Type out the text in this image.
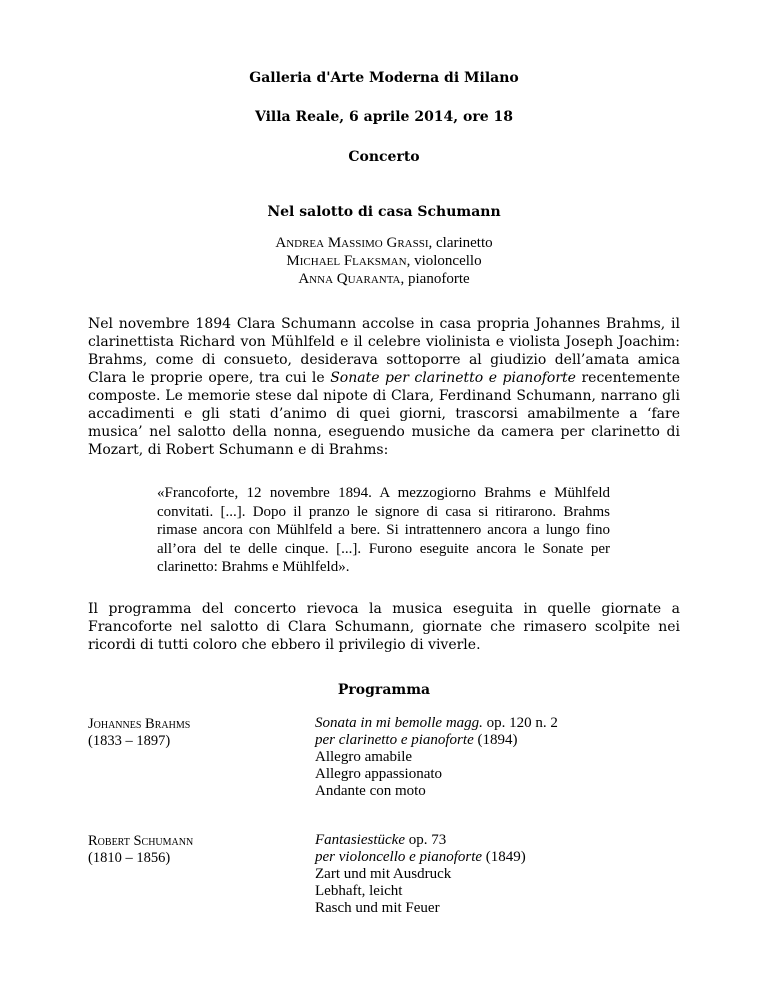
Galleria d'Arte Moderna di Milano
Villa Reale, 6 aprile 2014, ore 18
Concerto
Nel salotto di casa Schumann
Andrea Massimo Grassi, clarinetto
Michael Flaksman, violoncello
Anna Quaranta, pianoforte
Nel novembre 1894 Clara Schumann accolse in casa propria Johannes Brahms, il clarinettista Richard von Mühlfeld e il celebre violinista e violista Joseph Joachim: Brahms, come di consueto, desiderava sottoporre al giudizio dell’amata amica Clara le proprie opere, tra cui le Sonate per clarinetto e pianoforte recentemente composte. Le memorie stese dal nipote di Clara, Ferdinand Schumann, narrano gli accadimenti e gli stati d’animo di quei giorni, trascorsi amabilmente a ‘fare musica’ nel salotto della nonna, eseguendo musiche da camera per clarinetto di Mozart, di Robert Schumann e di Brahms:
«Francoforte, 12 novembre 1894. A mezzogiorno Brahms e Mühlfeld convitati. [...]. Dopo il pranzo le signore di casa si ritirarono. Brahms rimase ancora con Mühlfeld a bere. Si intrattennero ancora a lungo fino all’ora del te delle cinque. [...]. Furono eseguite ancora le Sonate per clarinetto: Brahms e Mühlfeld».
Il programma del concerto rievoca la musica eseguita in quelle giornate a Francoforte nel salotto di Clara Schumann, giornate che rimasero scolpite nei ricordi di tutti coloro che ebbero il privilegio di viverle.
Programma
Johannes Brahms
(1833 – 1897)
Sonata in mi bemolle magg. op. 120 n. 2
per clarinetto e pianoforte (1894)
Allegro amabile
Allegro appassionato
Andante con moto
Robert Schumann
(1810 – 1856)
Fantasiestücke op. 73
per violoncello e pianoforte (1849)
Zart und mit Ausdruck
Lebhaft, leicht
Rasch und mit Feuer
